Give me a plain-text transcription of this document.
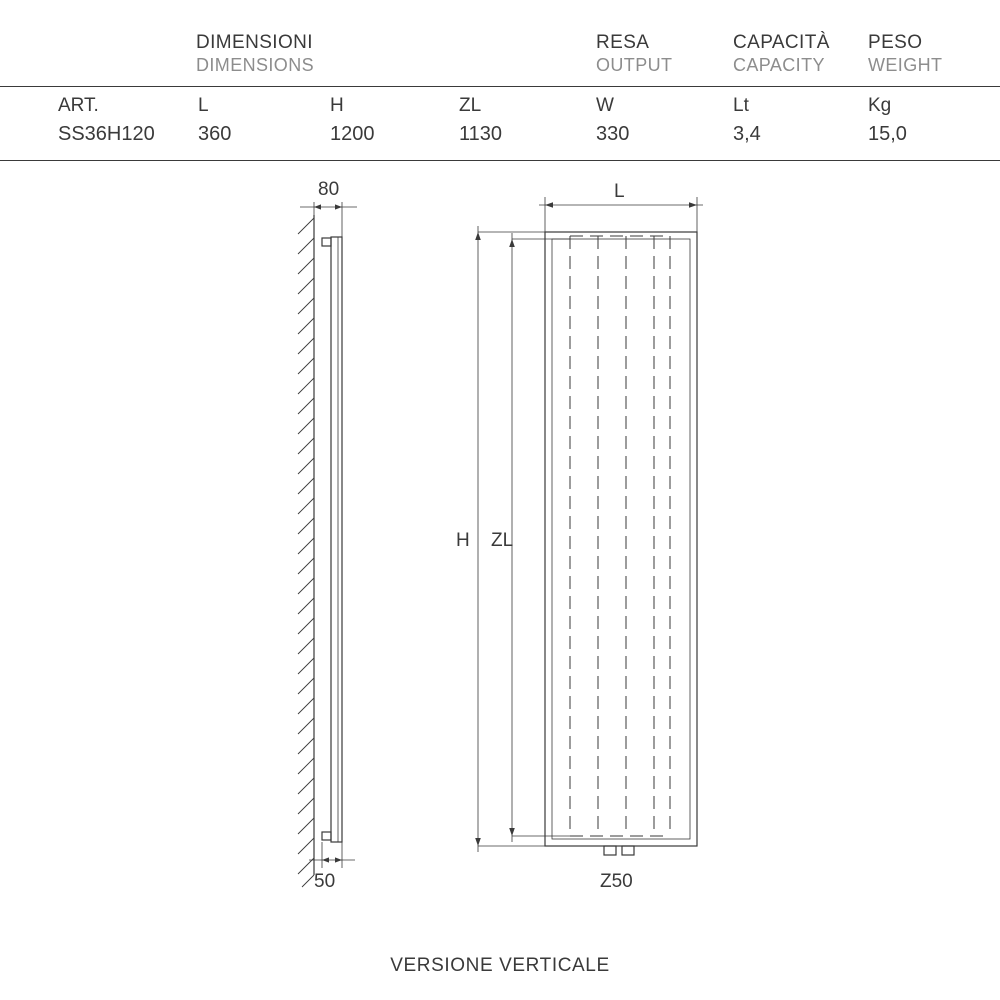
DIMENSIONI
DIMENSIONS
RESA
OUTPUT
CAPACITÀ
CAPACITY
PESO
WEIGHT
ART.	L	H	ZL	W	Lt	Kg
SS36H120 360	1200	1130	330	3,4	15,0
80
50
L
H ZL
Z50
VERSIONE VERTICALE
